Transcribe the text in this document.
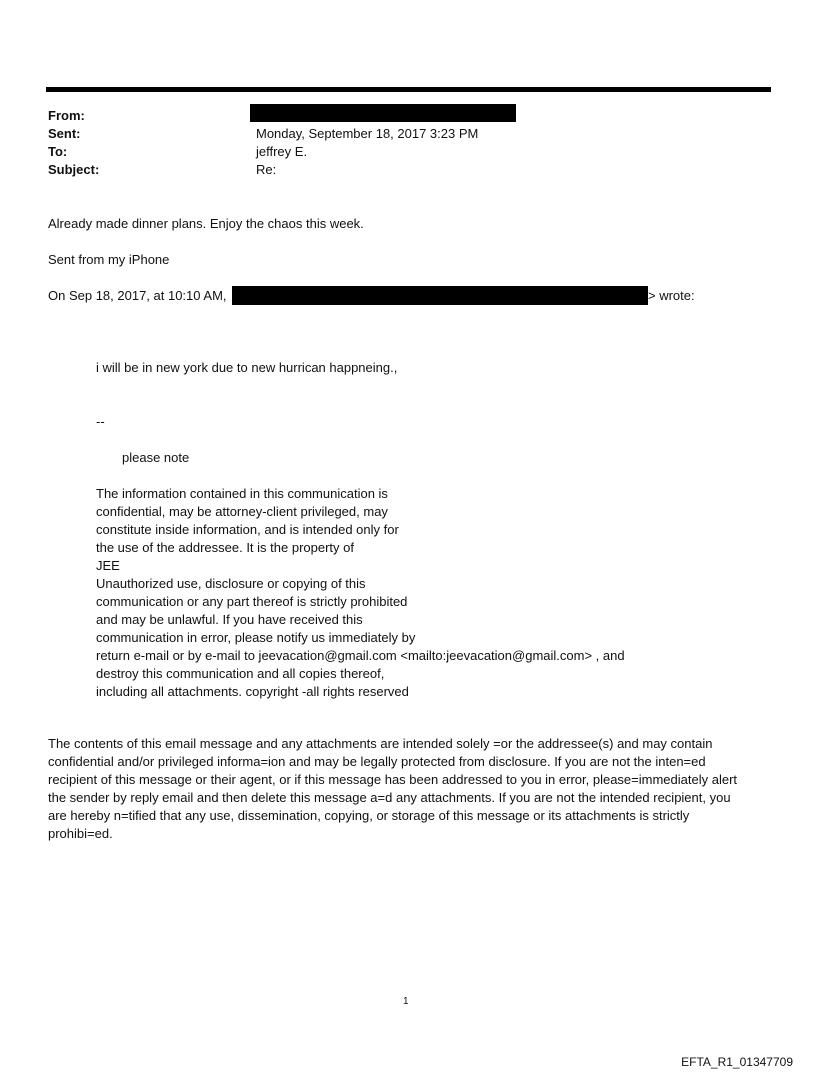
From:
Sent:	Monday, September 18, 2017 3:23 PM
To:	jeffrey E.
Subject:	Re:
Already made dinner plans. Enjoy the chaos this week.
Sent from my iPhone
On Sep 18, 2017, at 10:10 AM,	> wrote:
i will be in new york due to new hurrican happneing.,
--
please note
The information contained in this communication is
confidential, may be attorney-client privileged, may
constitute inside information, and is intended only for
the use of the addressee. It is the property of
JEE
Unauthorized use, disclosure or copying of this
communication or any part thereof is strictly prohibited
and may be unlawful. If you have received this
communication in error, please notify us immediately by
return e-mail or by e-mail to jeevacation@gmail.com <mailto:jeevacation@gmail.com> , and
destroy this communication and all copies thereof,
including all attachments. copyright -all rights reserved
The contents of this email message and any attachments are intended solely =or the addressee(s) and may contain confidential and/or privileged informa=ion and may be legally protected from disclosure. If you are not the inten=ed recipient of this message or their agent, or if this message has been addressed to you in error, please=immediately alert the sender by reply email and then delete this message a=d any attachments. If you are not the intended recipient, you are hereby n=tified that any use, dissemination, copying, or storage of this message or its attachments is strictly prohibi=ed.
1
EFTA_R1_01347709
